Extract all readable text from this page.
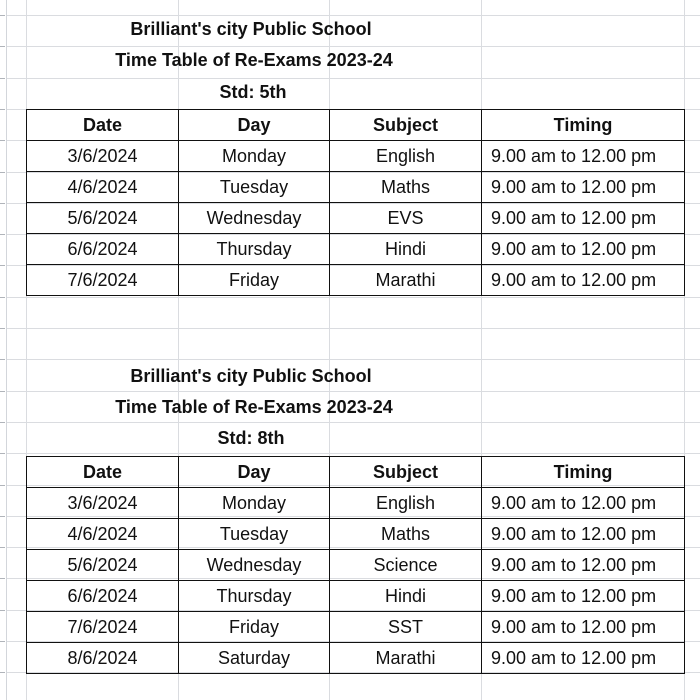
Brilliant's city Public School
Time Table of Re-Exams 2023-24
Std: 5th
Date	Day	Subject	Timing
3/6/2024	Monday	English	9.00 am to 12.00 pm
4/6/2024	Tuesday	Maths	9.00 am to 12.00 pm
5/6/2024	Wednesday	EVS	9.00 am to 12.00 pm
6/6/2024	Thursday	Hindi	9.00 am to 12.00 pm
7/6/2024	Friday	Marathi	9.00 am to 12.00 pm
Brilliant's city Public School
Time Table of Re-Exams 2023-24
Std: 8th
Date	Day	Subject	Timing
3/6/2024	Monday	English	9.00 am to 12.00 pm
4/6/2024	Tuesday	Maths	9.00 am to 12.00 pm
5/6/2024	Wednesday	Science	9.00 am to 12.00 pm
6/6/2024	Thursday	Hindi	9.00 am to 12.00 pm
7/6/2024	Friday	SST	9.00 am to 12.00 pm
8/6/2024	Saturday	Marathi	9.00 am to 12.00 pm
